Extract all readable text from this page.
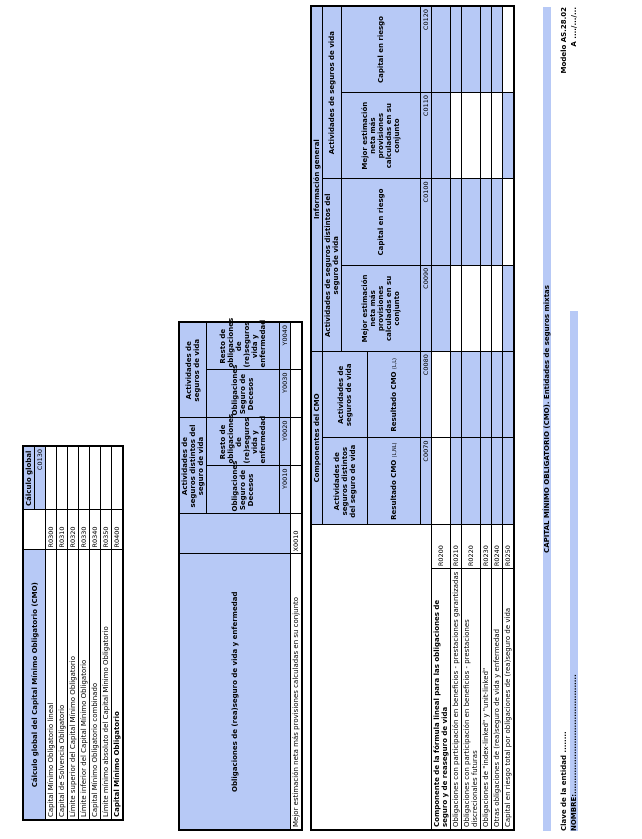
Clave de la entidad ........ NOMBRE:.............................................
Modelo AS.28.02 A ..../.../...
CAPITAL MÍNIMO OBLIGATORIO (CMO). Entidades de seguros mixtas
		Componentes del CMO		Información general			
		Actividades de seguros distintos del seguro de vida	Actividades de seguros de vida	Actividades de seguros distintos del seguro de vida		Actividades de seguros de vida	
				Mejor estimación neta más provisiones calculadas en su conjunto	Capital en riesgo	Mejor estimación neta más provisiones calculadas en su conjunto	Capital en riesgo
		Resultado CMO (L,NL)	Resultado CMO (L,L)				
		C0070	C0080	C0090	C0100	C0110	C0120
Componente de la fórmula lineal para las obligaciones de seguro y de reaseguro de vida	R0200						
Obligaciones con participación en beneficios - prestaciones garantizadas	R0210						
Obligaciones con participación en beneficios - prestaciones discrecionales futuras	R0220						
Obligaciones de "index-linked" y "unit-linked"	R0230						
Otras obligaciones de (rea)seguro de vida y enfermedad	R0240						
Capital en riesgo total por obligaciones de (rea)seguro de vida	R0250						
Obligaciones de (rea)seguro de vida y enfermedad		Actividades de seguros distintos del seguro de vida		Actividades de seguros de vida	
		Obligaciones Seguro de Decesos	Resto de obligaciones de (re)seguros vida y enfermedad	Obligaciones Seguro de Decesos	Resto de obligaciones de (re)seguros vida y enfermedad
		Y0010	Y0020	Y0030	Y0040
Mejor estimación neta más provisiones calculadas en su conjunto	X0010				
Cálculo global del Capital Mínimo Obligatorio (CMO)		Cálculo global
		C0130
Capital Mínimo Obligatorio lineal	R0300	
Capital de Solvencia Obligatorio	R0310	
Límite superior del Capital Mínimo Obligatorio	R0320	
Límite inferior del Capital Mínimo Obligatorio	R0330	
Capital Mínimo Obligatorio combinado	R0340	
Límite mínimo absoluto del Capital Mínimo Obligatorio	R0350	
Capital Mínimo Obligatorio	R0400	
